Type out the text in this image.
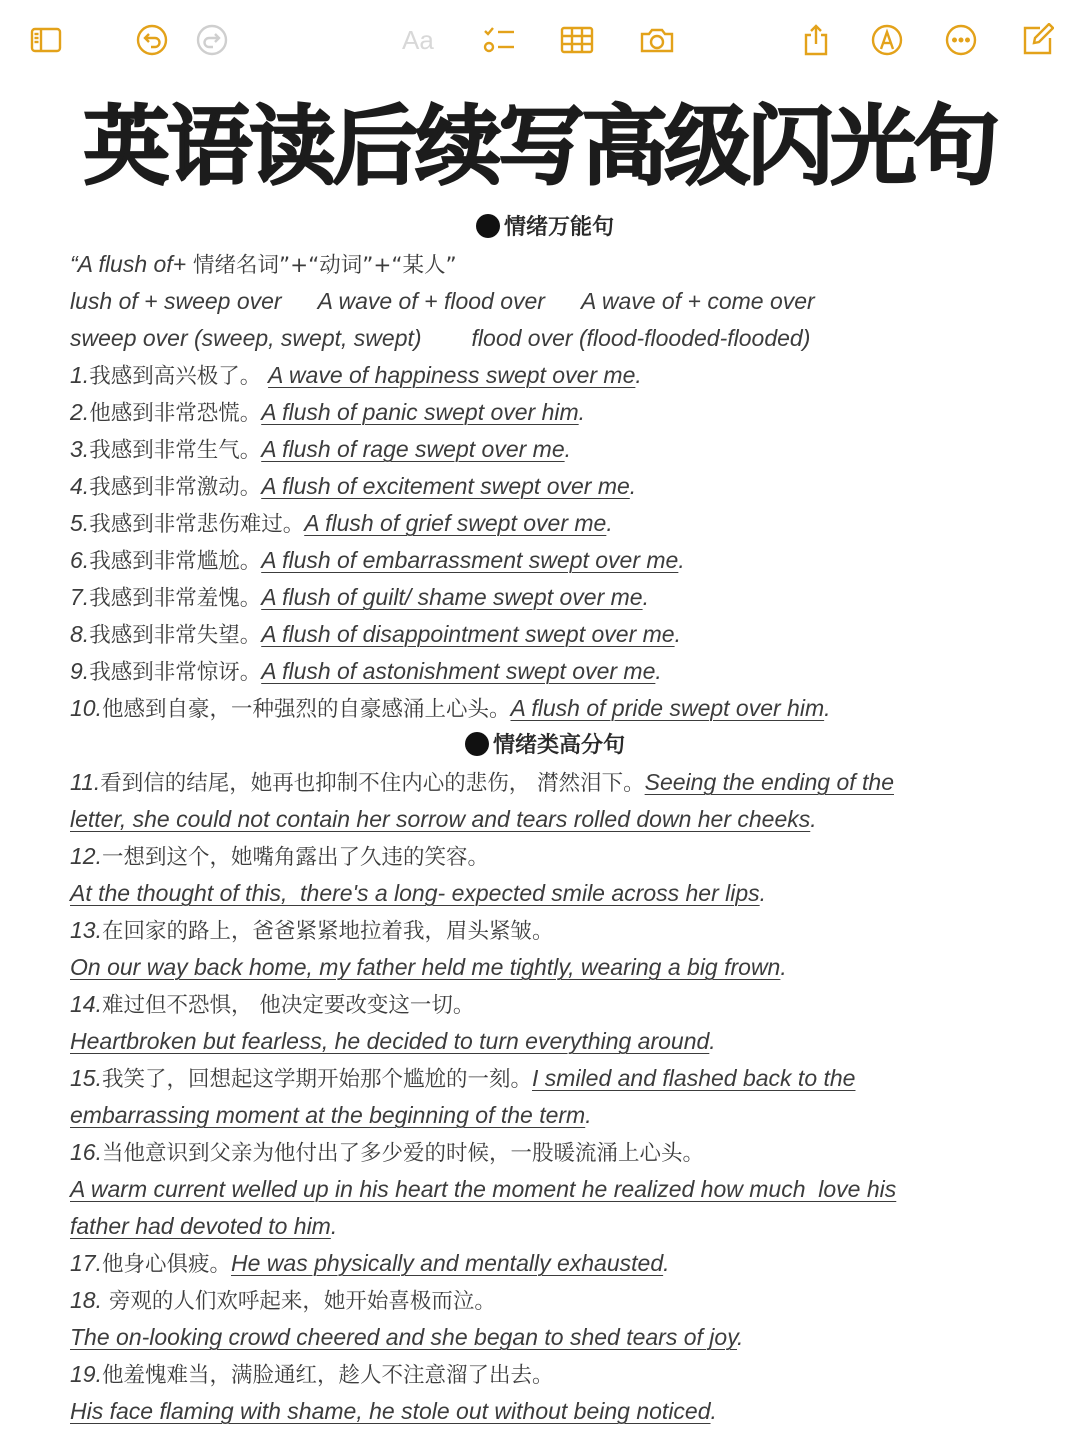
Aa
英语读后续写高级闪光句
情绪万能句
“A flush of+ 情绪名词”+“动词”+“某人”
lush of + sweep over A wave of + flood over A wave of + come over
sweep over (sweep, swept, swept) flood over (flood-flooded-flooded)
1.我感到高兴极了。 A wave of happiness swept over me.
2.他感到非常恐慌。A flush of panic swept over him.
3.我感到非常生气。A flush of rage swept over me.
4.我感到非常激动。A flush of excitement swept over me.
5.我感到非常悲伤难过。A flush of grief swept over me.
6.我感到非常尴尬。A flush of embarrassment swept over me.
7.我感到非常羞愧。A flush of guilt/ shame swept over me.
8.我感到非常失望。A flush of disappointment swept over me.
9.我感到非常惊讶。A flush of astonishment swept over me.
10.他感到自豪，一种强烈的自豪感涌上心头。A flush of pride swept over him.
情绪类高分句
11.看到信的结尾，她再也抑制不住内心的悲伤， 潸然泪下。Seeing the ending of the
letter, she could not contain her sorrow and tears rolled down her cheeks.
12.一想到这个，她嘴角露出了久违的笑容。
At the thought of this,  there's a long- expected smile across her lips.
13.在回家的路上，爸爸紧紧地拉着我，眉头紧皱。
On our way back home, my father held me tightly, wearing a big frown.
14.难过但不恐惧， 他决定要改变这一切。
Heartbroken but fearless, he decided to turn everything around.
15.我笑了，回想起这学期开始那个尴尬的一刻。I smiled and flashed back to the
embarrassing moment at the beginning of the term.
16.当他意识到父亲为他付出了多少爱的时候，一股暖流涌上心头。
A warm current welled up in his heart the moment he realized how much  love his
father had devoted to him.
17.他身心俱疲。He was physically and mentally exhausted.
18. 旁观的人们欢呼起来，她开始喜极而泣。
The on-looking crowd cheered and she began to shed tears of joy.
19.他羞愧难当，满脸通红，趁人不注意溜了出去。
His face flaming with shame, he stole out without being noticed.
